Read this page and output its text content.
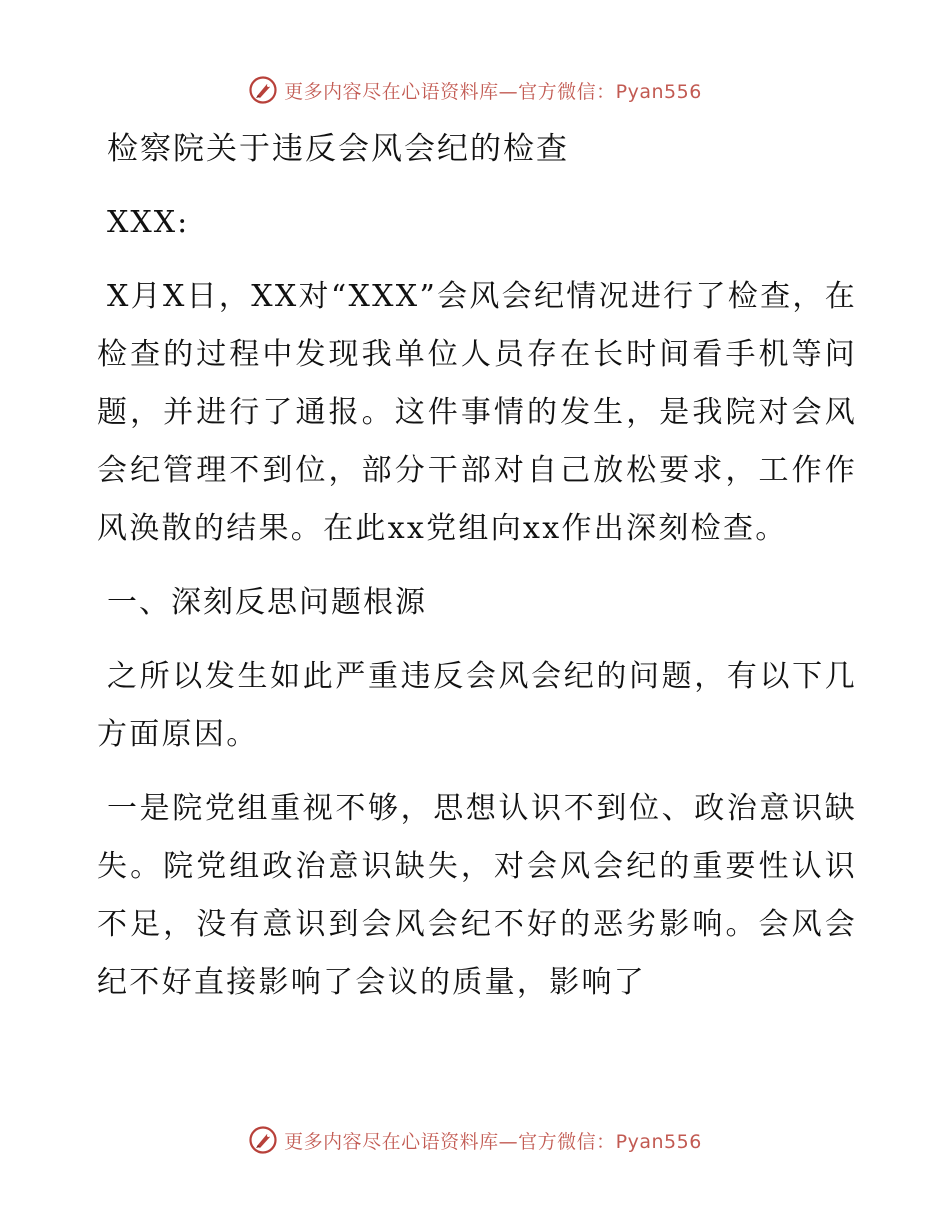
更多内容尽在心语资料库—官方微信：Pyan556
检察院关于违反会风会纪的检查

XXX:

X月X日，XX对“XXX”会风会纪情况进行了检查，在检查的过程中发现我单位人员存在长时间看手机等问题，并进行了通报。这件事情的发生，是我院对会风会纪管理不到位，部分干部对自己放松要求，工作作风涣散的结果。在此xx党组向xx作出深刻检查。

一、深刻反思问题根源

之所以发生如此严重违反会风会纪的问题，有以下几方面原因。

一是院党组重视不够，思想认识不到位、政治意识缺失。院党组政治意识缺失，对会风会纪的重要性认识不足，没有意识到会风会纪不好的恶劣影响。会风会纪不好直接影响了会议的质量，影响了

更多内容尽在心语资料库—官方微信：Pyan556
